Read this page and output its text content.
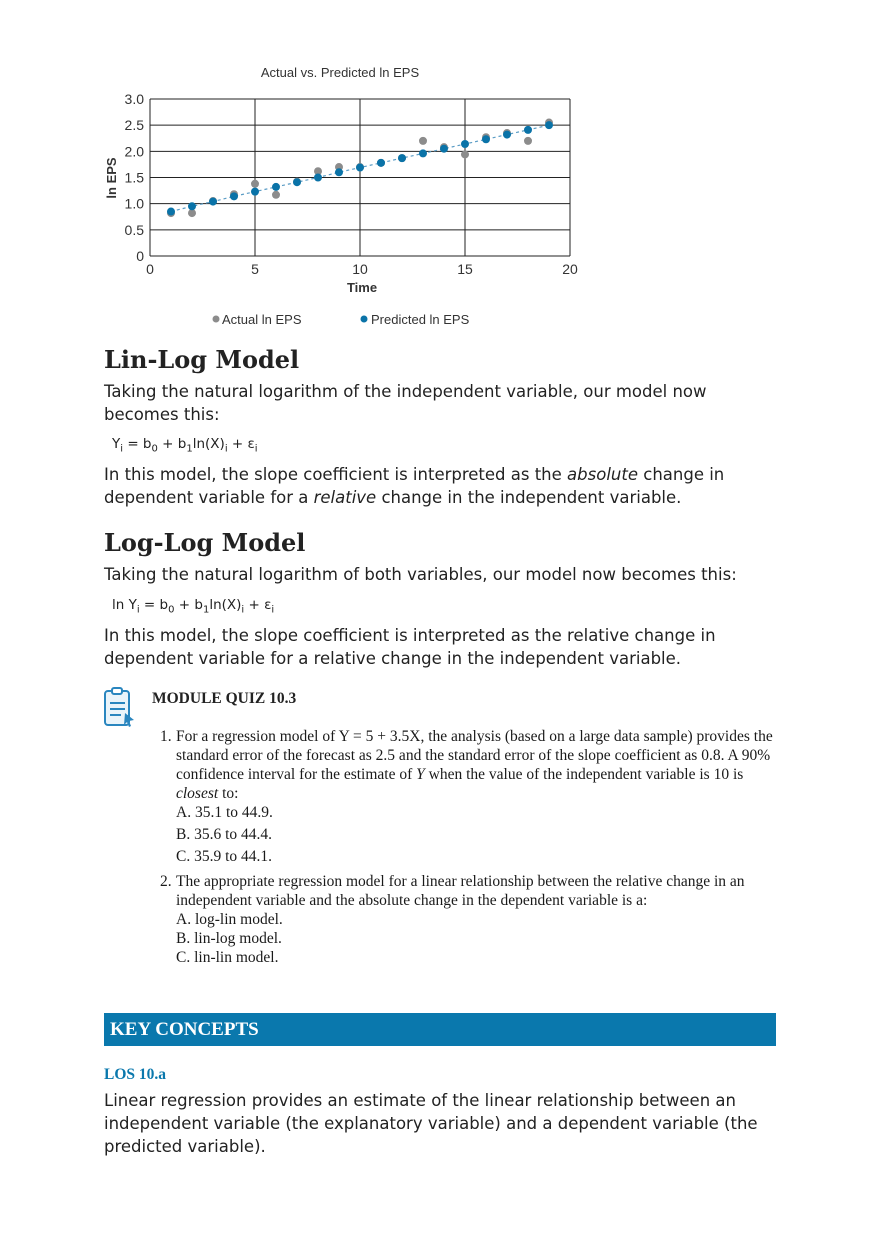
Actual vs. Predicted ln EPS
0
0.5
1.0
1.5
2.0
2.5
3.0
0	5	10	15	20
Time
ln EPS
Actual ln EPS	Predicted ln EPS
Lin-Log Model
Taking the natural logarithm of the independent variable, our model now becomes this:
$Y_i = b_0 + b_1\ln(X)_i + \varepsilon_i$
In this model, the slope coefficient is interpreted as the absolute change in dependent variable for a relative change in the independent variable.
Log-Log Model
Taking the natural logarithm of both variables, our model now becomes this:
$\ln Y_i = b_0 + b_1\ln(X)_i + \varepsilon_i$
In this model, the slope coefficient is interpreted as the relative change in dependent variable for a relative change in the independent variable.
MODULE QUIZ 10.3
1. For a regression model of Y = 5 + 3.5X, the analysis (based on a large data sample) provides the standard error of the forecast as 2.5 and the standard error of the slope coefficient as 0.8. A 90% confidence interval for the estimate of Y when the value of the independent variable is 10 is closest to:
A. 35.1 to 44.9.
B. 35.6 to 44.4.
C. 35.9 to 44.1.
2. The appropriate regression model for a linear relationship between the relative change in an independent variable and the absolute change in the dependent variable is a:
A. log-lin model.
B. lin-log model.
C. lin-lin model.
KEY CONCEPTS
LOS 10.a
Linear regression provides an estimate of the linear relationship between an independent variable (the explanatory variable) and a dependent variable (the predicted variable).
